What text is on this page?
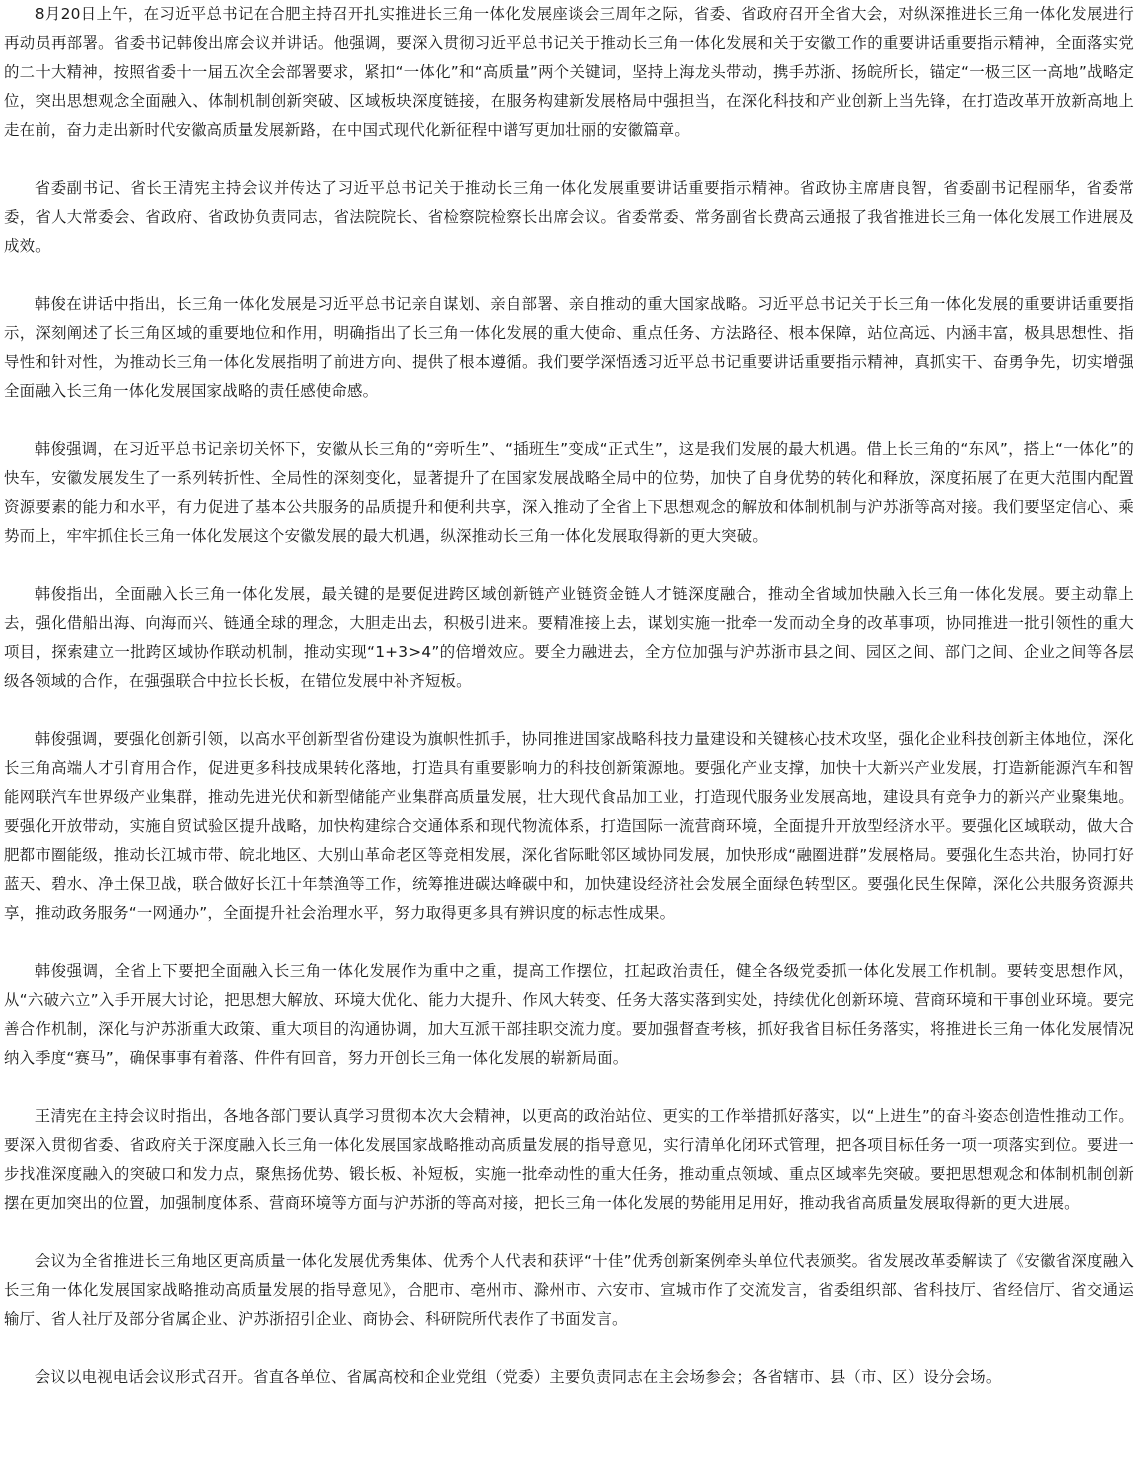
8月20日上午，在习近平总书记在合肥主持召开扎实推进长三角一体化发展座谈会三周年之际，省委、省政府召开全省大会，对纵深推进长三角一体化发展进行再动员再部署。省委书记韩俊出席会议并讲话。他强调，要深入贯彻习近平总书记关于推动长三角一体化发展和关于安徽工作的重要讲话重要指示精神，全面落实党的二十大精神，按照省委十一届五次全会部署要求，紧扣“一体化”和“高质量”两个关键词，坚持上海龙头带动，携手苏浙、扬皖所长，锚定“一极三区一高地”战略定位，突出思想观念全面融入、体制机制创新突破、区域板块深度链接，在服务构建新发展格局中强担当，在深化科技和产业创新上当先锋，在打造改革开放新高地上走在前，奋力走出新时代安徽高质量发展新路，在中国式现代化新征程中谱写更加壮丽的安徽篇章。

省委副书记、省长王清宪主持会议并传达了习近平总书记关于推动长三角一体化发展重要讲话重要指示精神。省政协主席唐良智，省委副书记程丽华，省委常委，省人大常委会、省政府、省政协负责同志，省法院院长、省检察院检察长出席会议。省委常委、常务副省长费高云通报了我省推进长三角一体化发展工作进展及成效。

韩俊在讲话中指出，长三角一体化发展是习近平总书记亲自谋划、亲自部署、亲自推动的重大国家战略。习近平总书记关于长三角一体化发展的重要讲话重要指示，深刻阐述了长三角区域的重要地位和作用，明确指出了长三角一体化发展的重大使命、重点任务、方法路径、根本保障，站位高远、内涵丰富，极具思想性、指导性和针对性，为推动长三角一体化发展指明了前进方向、提供了根本遵循。我们要学深悟透习近平总书记重要讲话重要指示精神，真抓实干、奋勇争先，切实增强全面融入长三角一体化发展国家战略的责任感使命感。

韩俊强调，在习近平总书记亲切关怀下，安徽从长三角的“旁听生”、“插班生”变成“正式生”，这是我们发展的最大机遇。借上长三角的“东风”，搭上“一体化”的快车，安徽发展发生了一系列转折性、全局性的深刻变化，显著提升了在国家发展战略全局中的位势，加快了自身优势的转化和释放，深度拓展了在更大范围内配置资源要素的能力和水平，有力促进了基本公共服务的品质提升和便利共享，深入推动了全省上下思想观念的解放和体制机制与沪苏浙等高对接。我们要坚定信心、乘势而上，牢牢抓住长三角一体化发展这个安徽发展的最大机遇，纵深推动长三角一体化发展取得新的更大突破。

韩俊指出，全面融入长三角一体化发展，最关键的是要促进跨区域创新链产业链资金链人才链深度融合，推动全省域加快融入长三角一体化发展。要主动靠上去，强化借船出海、向海而兴、链通全球的理念，大胆走出去，积极引进来。要精准接上去，谋划实施一批牵一发而动全身的改革事项，协同推进一批引领性的重大项目，探索建立一批跨区域协作联动机制，推动实现“1+3>4”的倍增效应。要全力融进去，全方位加强与沪苏浙市县之间、园区之间、部门之间、企业之间等各层级各领域的合作，在强强联合中拉长长板，在错位发展中补齐短板。

韩俊强调，要强化创新引领，以高水平创新型省份建设为旗帜性抓手，协同推进国家战略科技力量建设和关键核心技术攻坚，强化企业科技创新主体地位，深化长三角高端人才引育用合作，促进更多科技成果转化落地，打造具有重要影响力的科技创新策源地。要强化产业支撑，加快十大新兴产业发展，打造新能源汽车和智能网联汽车世界级产业集群，推动先进光伏和新型储能产业集群高质量发展，壮大现代食品加工业，打造现代服务业发展高地，建设具有竞争力的新兴产业聚集地。要强化开放带动，实施自贸试验区提升战略，加快构建综合交通体系和现代物流体系，打造国际一流营商环境，全面提升开放型经济水平。要强化区域联动，做大合肥都市圈能级，推动长江城市带、皖北地区、大别山革命老区等竞相发展，深化省际毗邻区域协同发展，加快形成“融圈进群”发展格局。要强化生态共治，协同打好蓝天、碧水、净土保卫战，联合做好长江十年禁渔等工作，统筹推进碳达峰碳中和，加快建设经济社会发展全面绿色转型区。要强化民生保障，深化公共服务资源共享，推动政务服务“一网通办”，全面提升社会治理水平，努力取得更多具有辨识度的标志性成果。

韩俊强调，全省上下要把全面融入长三角一体化发展作为重中之重，提高工作摆位，扛起政治责任，健全各级党委抓一体化发展工作机制。要转变思想作风，从“六破六立”入手开展大讨论，把思想大解放、环境大优化、能力大提升、作风大转变、任务大落实落到实处，持续优化创新环境、营商环境和干事创业环境。要完善合作机制，深化与沪苏浙重大政策、重大项目的沟通协调，加大互派干部挂职交流力度。要加强督查考核，抓好我省目标任务落实，将推进长三角一体化发展情况纳入季度“赛马”，确保事事有着落、件件有回音，努力开创长三角一体化发展的崭新局面。

王清宪在主持会议时指出，各地各部门要认真学习贯彻本次大会精神，以更高的政治站位、更实的工作举措抓好落实，以“上进生”的奋斗姿态创造性推动工作。要深入贯彻省委、省政府关于深度融入长三角一体化发展国家战略推动高质量发展的指导意见，实行清单化闭环式管理，把各项目标任务一项一项落实到位。要进一步找准深度融入的突破口和发力点，聚焦扬优势、锻长板、补短板，实施一批牵动性的重大任务，推动重点领域、重点区域率先突破。要把思想观念和体制机制创新摆在更加突出的位置，加强制度体系、营商环境等方面与沪苏浙的等高对接，把长三角一体化发展的势能用足用好，推动我省高质量发展取得新的更大进展。

会议为全省推进长三角地区更高质量一体化发展优秀集体、优秀个人代表和获评“十佳”优秀创新案例牵头单位代表颁奖。省发展改革委解读了《安徽省深度融入长三角一体化发展国家战略推动高质量发展的指导意见》，合肥市、亳州市、滁州市、六安市、宣城市作了交流发言，省委组织部、省科技厅、省经信厅、省交通运输厅、省人社厅及部分省属企业、沪苏浙招引企业、商协会、科研院所代表作了书面发言。

会议以电视电话会议形式召开。省直各单位、省属高校和企业党组（党委）主要负责同志在主会场参会；各省辖市、县（市、区）设分会场。
